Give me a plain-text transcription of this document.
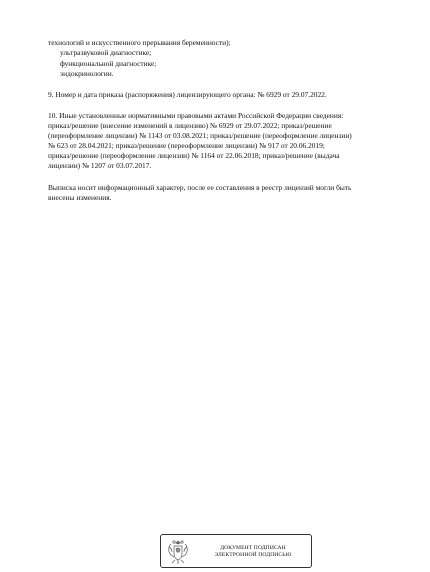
технологий и искусственного прерывания беременности);
ультразвуковой диагностике;
функциональной диагностике;
эндокринологии.
9. Номер и дата приказа (распоряжения) лицензирующего органа: № 6929 от 29.07.2022.
10. Иные установленные нормативными правовыми актами Российской Федерации сведения:
приказ/решение (внесение изменений в лицензию) № 6929 от 29.07.2022; приказ/решение
(переоформление лицензии) № 1143 от 03.08.2021; приказ/решение (переоформление лицензии)
№ 623 от 28.04.2021; приказ/решение (переоформление лицензии) № 917 от 20.06.2019;
приказ/решение (переоформление лицензии) № 1164 от 22.06.2018; приказ/решение (выдача
лицензии) № 1207 от 03.07.2017.
Выписка носит информационный характер, после ее составления в реестр лицензий могли быть
внесены изменения.
ДОКУМЕНТ ПОДПИСАН
ЭЛЕКТРОННОЙ ПОДПИСЬЮ
